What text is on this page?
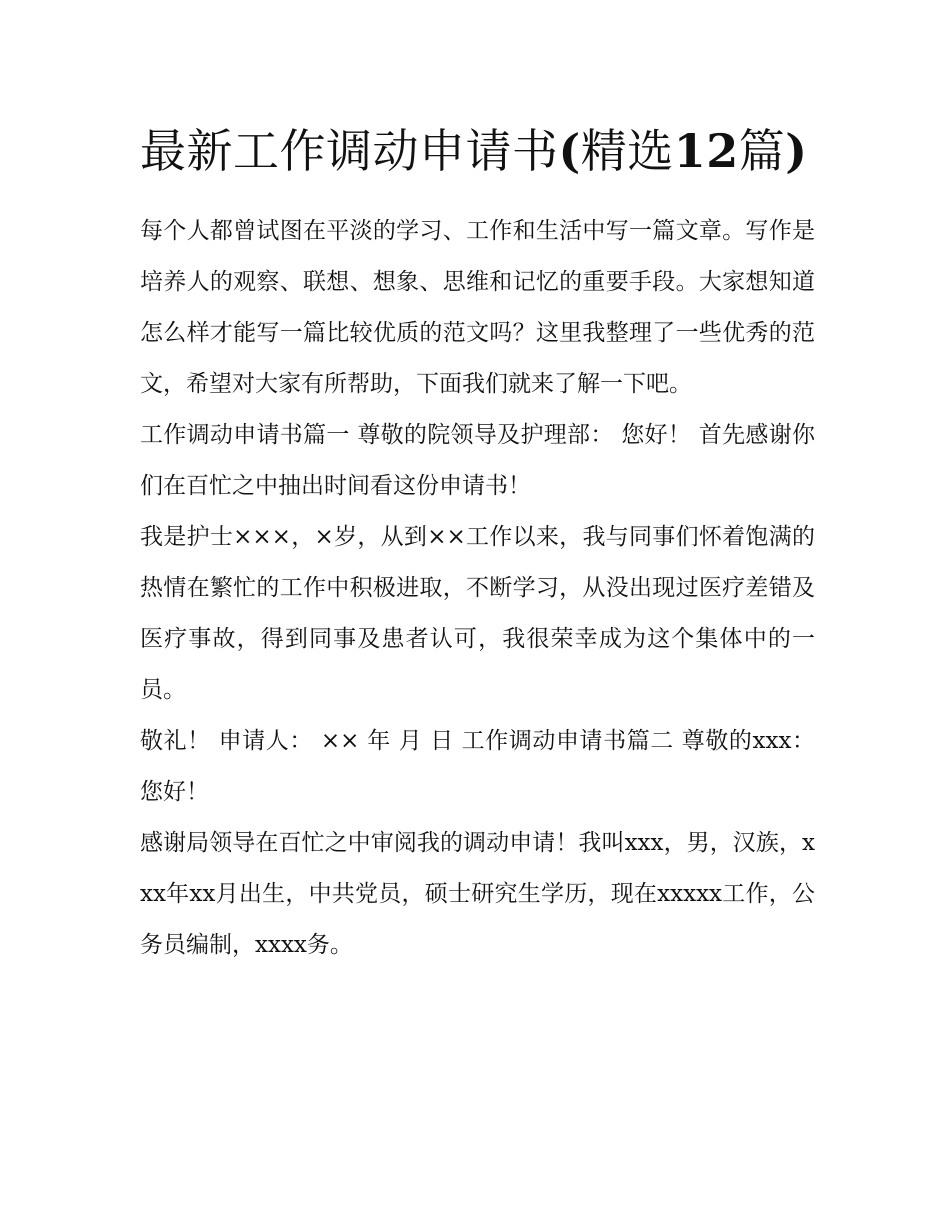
最新工作调动申请书(精选12篇)

每个人都曾试图在平淡的学习、工作和生活中写一篇文章。写作是培养人的观察、联想、想象、思维和记忆的重要手段。大家想知道怎么样才能写一篇比较优质的范文吗？这里我整理了一些优秀的范文，希望对大家有所帮助，下面我们就来了解一下吧。

工作调动申请书篇一 尊敬的院领导及护理部： 您好！ 首先感谢你们在百忙之中抽出时间看这份申请书！

我是护士×××，×岁，从到××工作以来，我与同事们怀着饱满的热情在繁忙的工作中积极进取，不断学习，从没出现过医疗差错及医疗事故，得到同事及患者认可，我很荣幸成为这个集体中的一员。

敬礼！ 申请人： ×× 年 月 日 工作调动申请书篇二 尊敬的xxx： 您好！

感谢局领导在百忙之中审阅我的调动申请！我叫xxx，男，汉族，xxx年xx月出生，中共党员，硕士研究生学历，现在xxxxx工作，公务员编制，xxxx务。
